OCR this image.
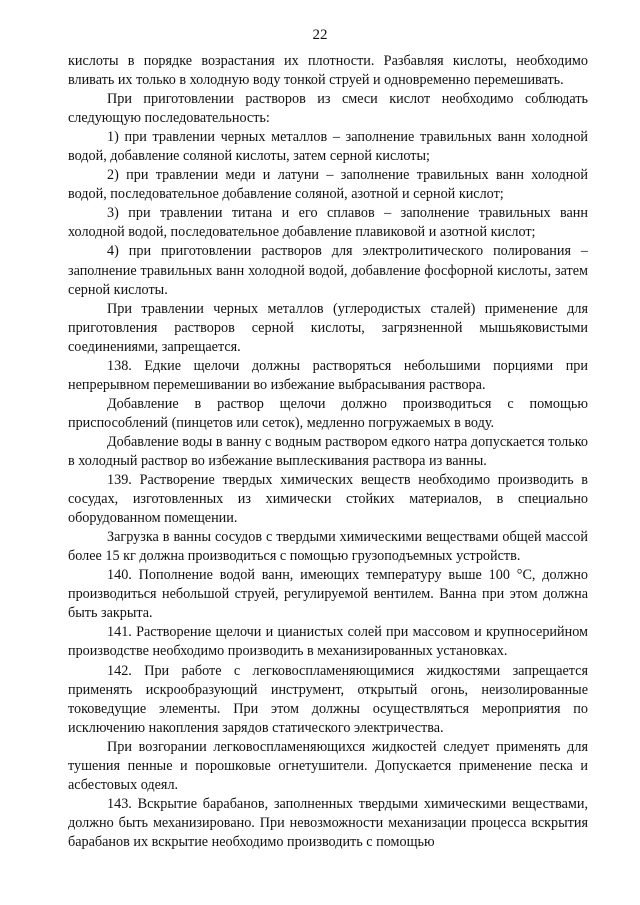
22

кислоты в порядке возрастания их плотности. Разбавляя кислоты, необходимо вливать их только в холодную воду тонкой струей и одновременно перемешивать.

При приготовлении растворов из смеси кислот необходимо соблюдать следующую последовательность:

1) при травлении черных металлов – заполнение травильных ванн холодной водой, добавление соляной кислоты, затем серной кислоты;

2) при травлении меди и латуни – заполнение травильных ванн холодной водой, последовательное добавление соляной, азотной и серной кислот;

3) при травлении титана и его сплавов – заполнение травильных ванн холодной водой, последовательное добавление плавиковой и азотной кислот;

4) при приготовлении растворов для электролитического полирования – заполнение травильных ванн холодной водой, добавление фосфорной кислоты, затем серной кислоты.

При травлении черных металлов (углеродистых сталей) применение для приготовления растворов серной кислоты, загрязненной мышьяковистыми соединениями, запрещается.

138. Едкие щелочи должны растворяться небольшими порциями при непрерывном перемешивании во избежание выбрасывания раствора.

Добавление в раствор щелочи должно производиться с помощью приспособлений (пинцетов или сеток), медленно погружаемых в воду.

Добавление воды в ванну с водным раствором едкого натра допускается только в холодный раствор во избежание выплескивания раствора из ванны.

139. Растворение твердых химических веществ необходимо производить в сосудах, изготовленных из химически стойких материалов, в специально оборудованном помещении.

Загрузка в ванны сосудов с твердыми химическими веществами общей массой более 15 кг должна производиться с помощью грузоподъемных устройств.

140. Пополнение водой ванн, имеющих температуру выше 100 °С, должно производиться небольшой струей, регулируемой вентилем. Ванна при этом должна быть закрыта.

141. Растворение щелочи и цианистых солей при массовом и крупносерийном производстве необходимо производить в механизированных установках.

142. При работе с легковоспламеняющимися жидкостями запрещается применять искрообразующий инструмент, открытый огонь, неизолированные токоведущие элементы. При этом должны осуществляться мероприятия по исключению накопления зарядов статического электричества.

При возгорании легковоспламеняющихся жидкостей следует применять для тушения пенные и порошковые огнетушители. Допускается применение песка и асбестовых одеял.

143. Вскрытие барабанов, заполненных твердыми химическими веществами, должно быть механизировано. При невозможности механизации процесса вскрытия барабанов их вскрытие необходимо производить с помощью
